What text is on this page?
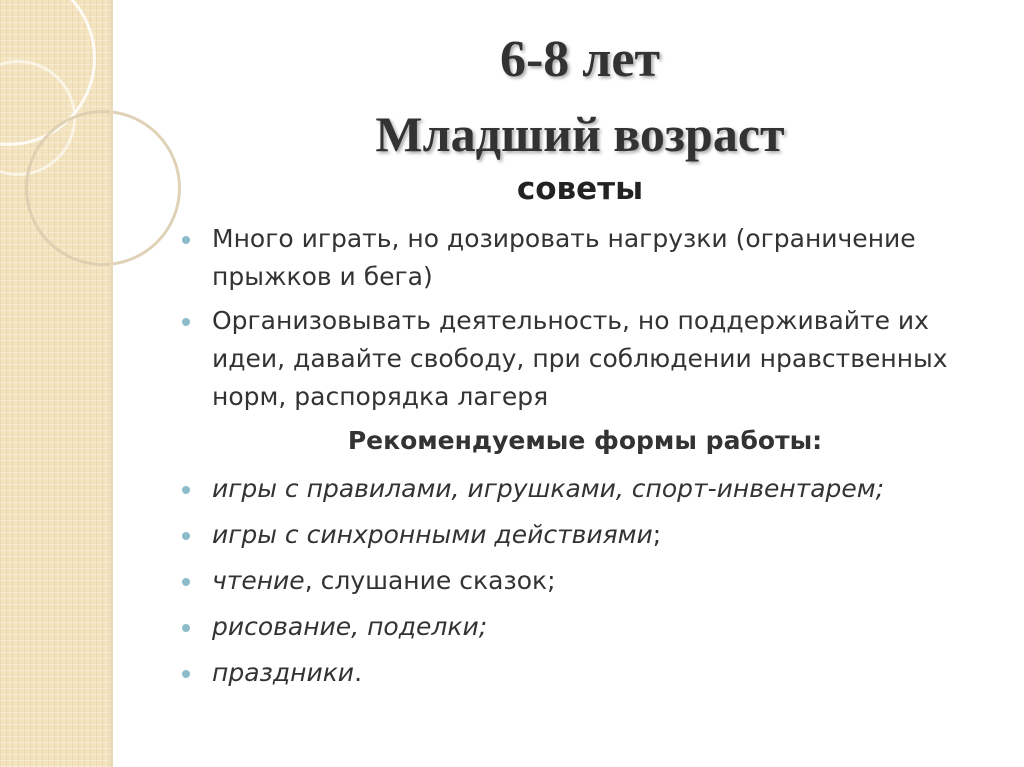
6-8 лет
Младший возраст
советы
Много играть, но дозировать нагрузки (ограничение прыжков и бега)
Организовывать деятельность, но поддерживайте их идеи, давайте свободу, при соблюдении нравственных норм, распорядка лагеря
Рекомендуемые формы работы:
игры с правилами, игрушками, спорт-инвентарем;
игры с синхронными действиями;
чтение, слушание сказок;
рисование, поделки;
праздники.
